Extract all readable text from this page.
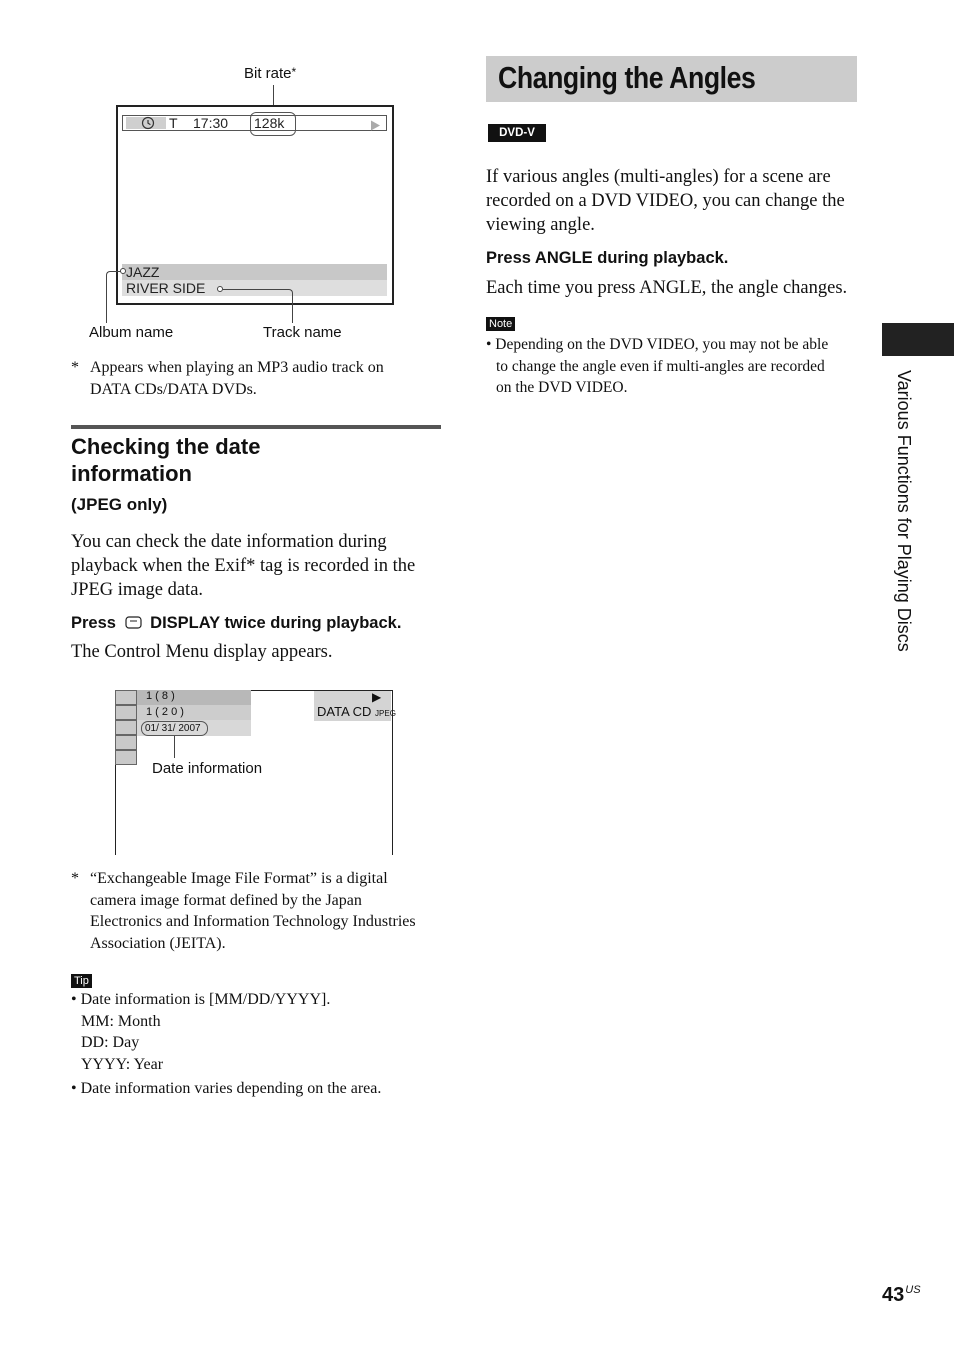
Bit rate*
T 17:30 128k
JAZZ
RIVER SIDE
Album name	Track name
* Appears when playing an MP3 audio track on DATA CDs/DATA DVDs.

Checking the date
information
(JPEG only)

You can check the date information during playback when the Exif* tag is recorded in the JPEG image data.

Press DISPLAY twice during playback.

The Control Menu display appears.

1 ( 8 )
1 ( 2 0 )
01/ 31/ 2007
Date information
▶
DATA CD JPEG
* “Exchangeable Image File Format” is a digital
camera image format defined by the Japan
Electronics and Information Technology Industries
Association (JEITA).
Tip
• Date information is [MM/DD/YYYY].
MM: Month
DD: Day
YYYY: Year
• Date information varies depending on the area.
Changing the Angles
DVD-V

If various angles (multi-angles) for a scene are recorded on a DVD VIDEO, you can change the viewing angle.

Press ANGLE during playback.

Each time you press ANGLE, the angle changes.

Note
• Depending on the DVD VIDEO, you may not be able
to change the angle even if multi-angles are recorded
on the DVD VIDEO.	Various Functions for Playing Discs
$43^{US}$
